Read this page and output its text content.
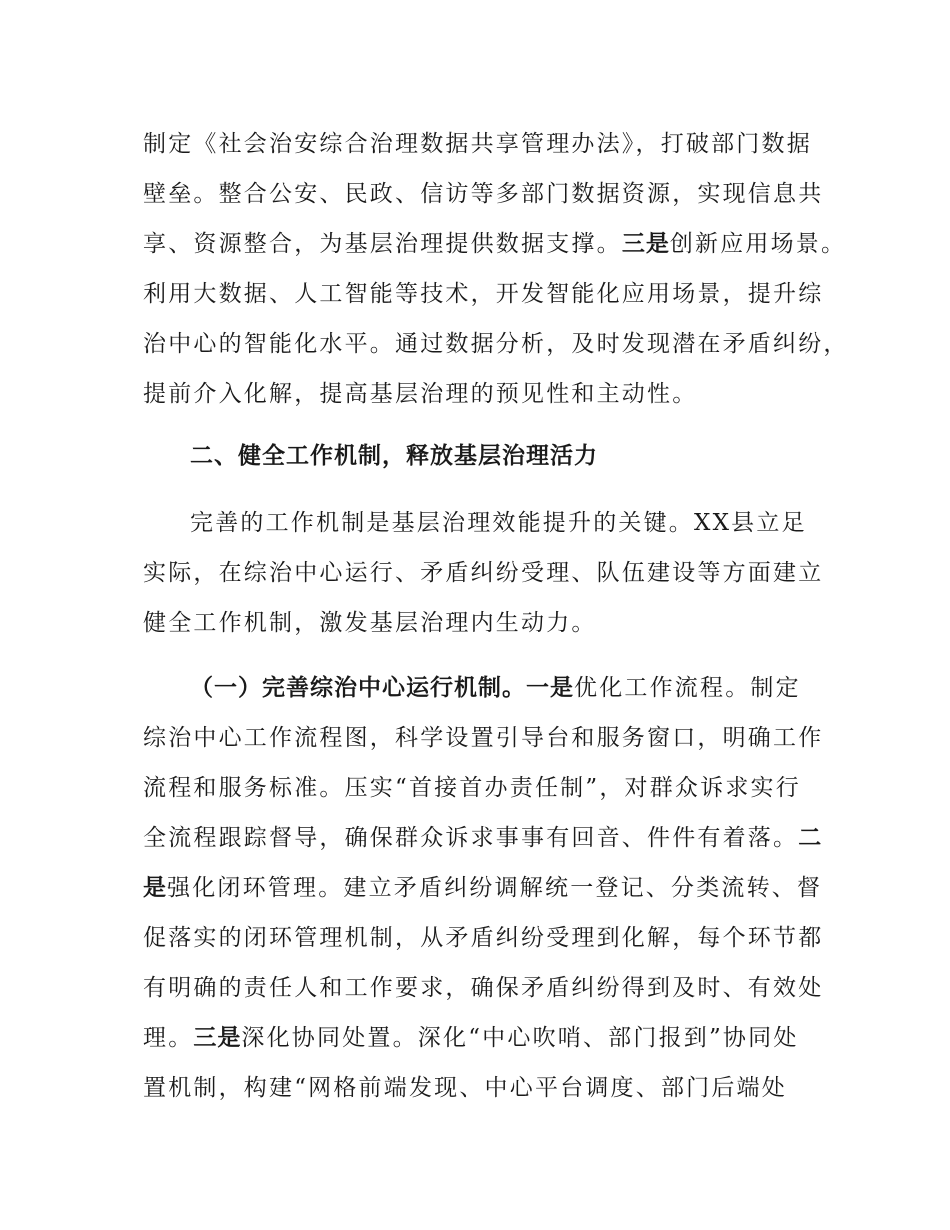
制定《社会治安综合治理数据共享管理办法》，打破部门数据
壁垒。整合公安、民政、信访等多部门数据资源，实现信息共
享、资源整合，为基层治理提供数据支撑。三是创新应用场景。
利用大数据、人工智能等技术，开发智能化应用场景，提升综
治中心的智能化水平。通过数据分析，及时发现潜在矛盾纠纷，
提前介入化解，提高基层治理的预见性和主动性。
二、健全工作机制，释放基层治理活力
完善的工作机制是基层治理效能提升的关键。XX县立足
实际，在综治中心运行、矛盾纠纷受理、队伍建设等方面建立
健全工作机制，激发基层治理内生动力。
（一）完善综治中心运行机制。一是优化工作流程。制定
综治中心工作流程图，科学设置引导台和服务窗口，明确工作
流程和服务标准。压实“首接首办责任制”，对群众诉求实行
全流程跟踪督导，确保群众诉求事事有回音、件件有着落。二
是强化闭环管理。建立矛盾纠纷调解统一登记、分类流转、督
促落实的闭环管理机制，从矛盾纠纷受理到化解，每个环节都
有明确的责任人和工作要求，确保矛盾纠纷得到及时、有效处
理。三是深化协同处置。深化“中心吹哨、部门报到”协同处
置机制，构建“网格前端发现、中心平台调度、部门后端处
